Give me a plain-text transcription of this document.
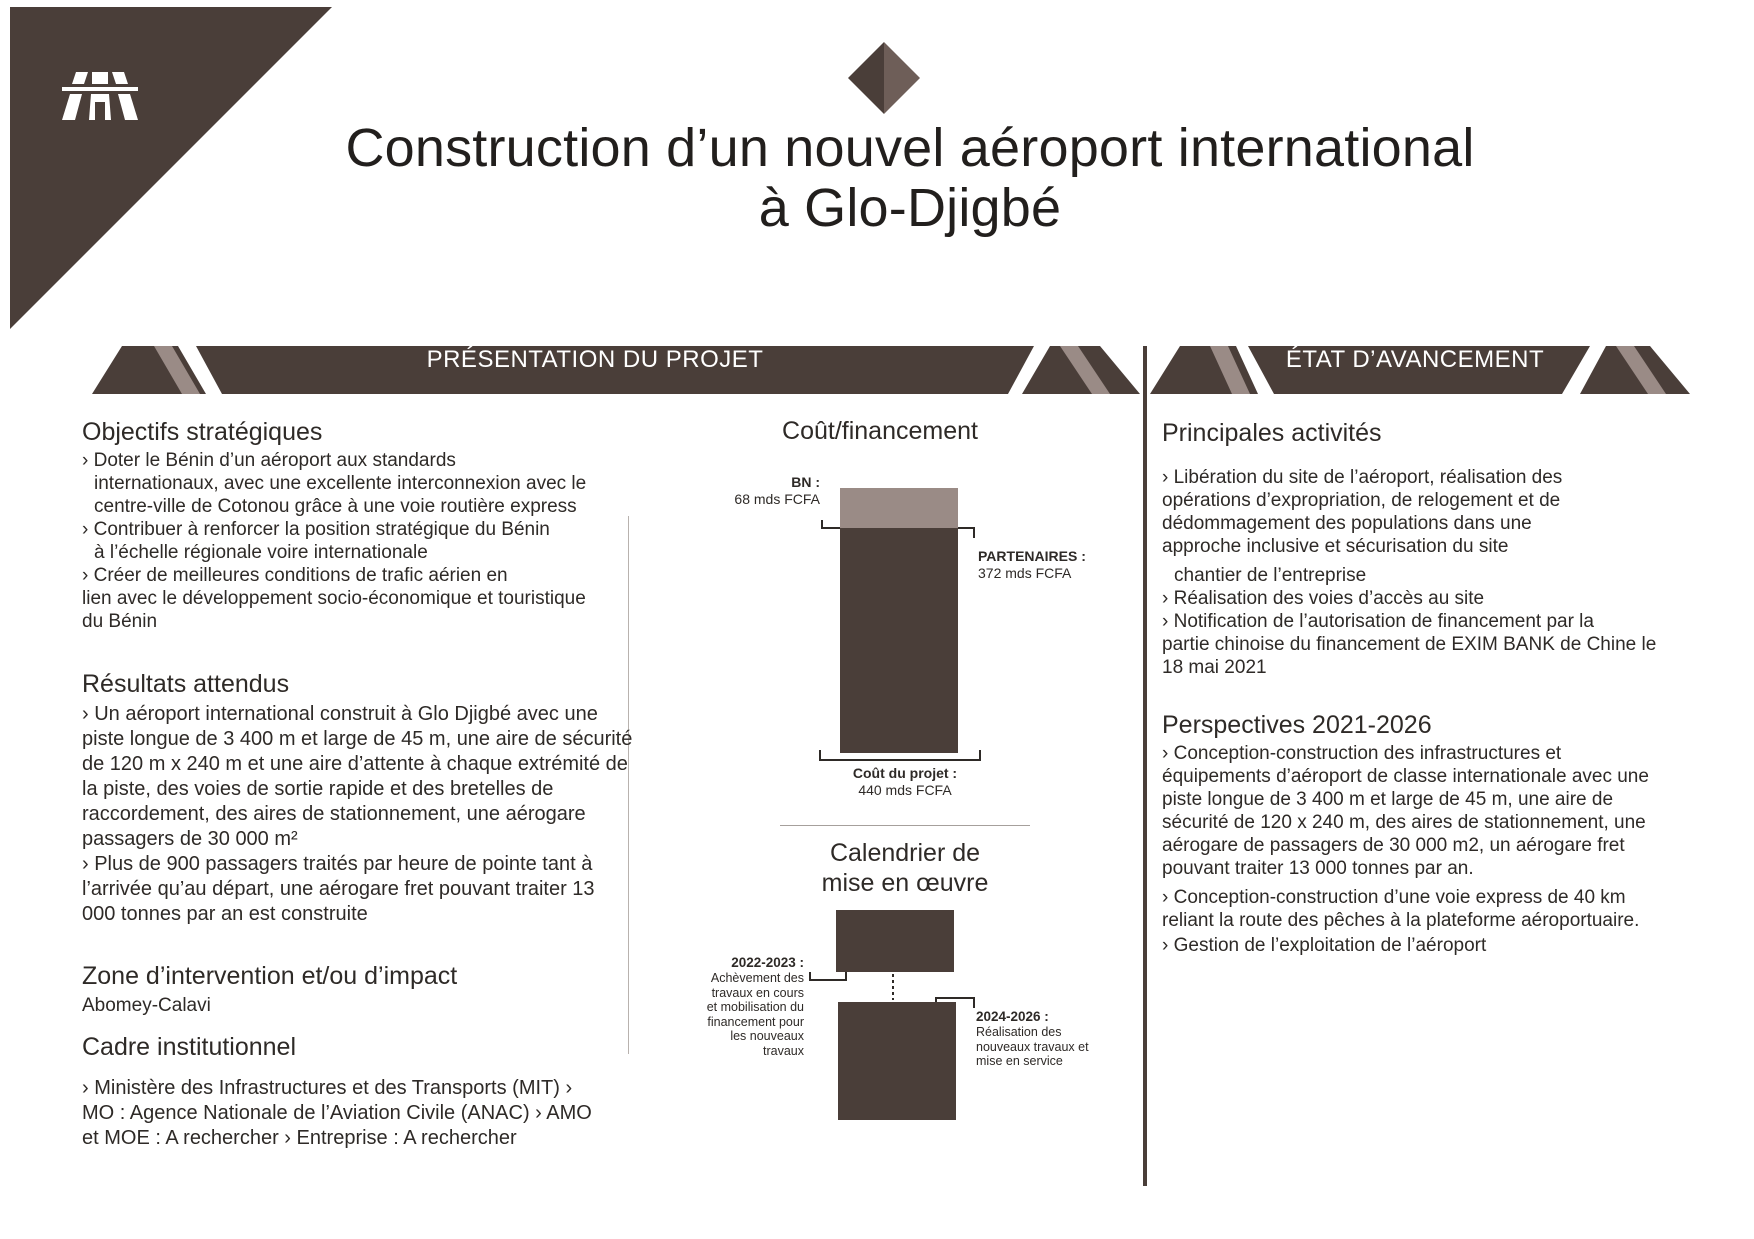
Construction d’un nouvel aéroport international
à Glo-Djigbé
PRÉSENTATION DU PROJET	ÉTAT D’AVANCEMENT
Objectifs stratégiques
› Doter le Bénin d’un aéroport aux standards
internationaux, avec une excellente interconnexion avec le centre-ville de Cotonou grâce à une voie routière express
› Contribuer à renforcer la position stratégique du Bénin
à l’échelle régionale voire internationale
› Créer de meilleures conditions de trafic aérien en
lien avec le développement socio-économique et touristique du Bénin
Résultats attendus
› Un aéroport international construit à Glo Djigbé avec une piste longue de 3 400 m et large de 45 m, une aire de sécurité de 120 m x 240 m et une aire d’attente à chaque extrémité de la piste, des voies de sortie rapide et des bretelles de raccordement, des aires de stationnement, une aérogare passagers de 30 000 m²
› Plus de 900 passagers traités par heure de pointe tant à l’arrivée qu’au départ, une aérogare fret pouvant traiter 13 000 tonnes par an est construite
Zone d’intervention et/ou d’impact
Abomey-Calavi
Cadre institutionnel
› Ministère des Infrastructures et des Transports (MIT) › MO : Agence Nationale de l’Aviation Civile (ANAC) › AMO et MOE : A rechercher › Entreprise : A rechercher
Coût/financement
BN :
68 mds FCFA
PARTENAIRES :
372 mds FCFA
Coût du projet :
440 mds FCFA
Calendrier de
mise en œuvre
2022-2023 :
Achèvement des travaux en cours et mobilisation du financement pour les nouveaux travaux
2024-2026 :
Réalisation des nouveaux travaux et mise en service
Principales activités
› Libération du site de l’aéroport, réalisation des
opérations d’expropriation, de relogement et de dédommagement des populations dans une approche inclusive et sécurisation du site
chantier de l’entreprise
› Réalisation des voies d’accès au site
› Notification de l’autorisation de financement par la
partie chinoise du financement de EXIM BANK de Chine le 18 mai 2021
Perspectives 2021-2026
› Conception-construction des infrastructures et équipements d’aéroport de classe internationale avec une piste longue de 3 400 m et large de 45 m, une aire de sécurité de 120 x 240 m, des aires de stationnement, une aérogare de passagers de 30 000 m2, un aérogare fret pouvant traiter 13 000 tonnes par an.
› Conception-construction d’une voie express de 40 km reliant la route des pêches à la plateforme aéroportuaire.
› Gestion de l’exploitation de l’aéroport
